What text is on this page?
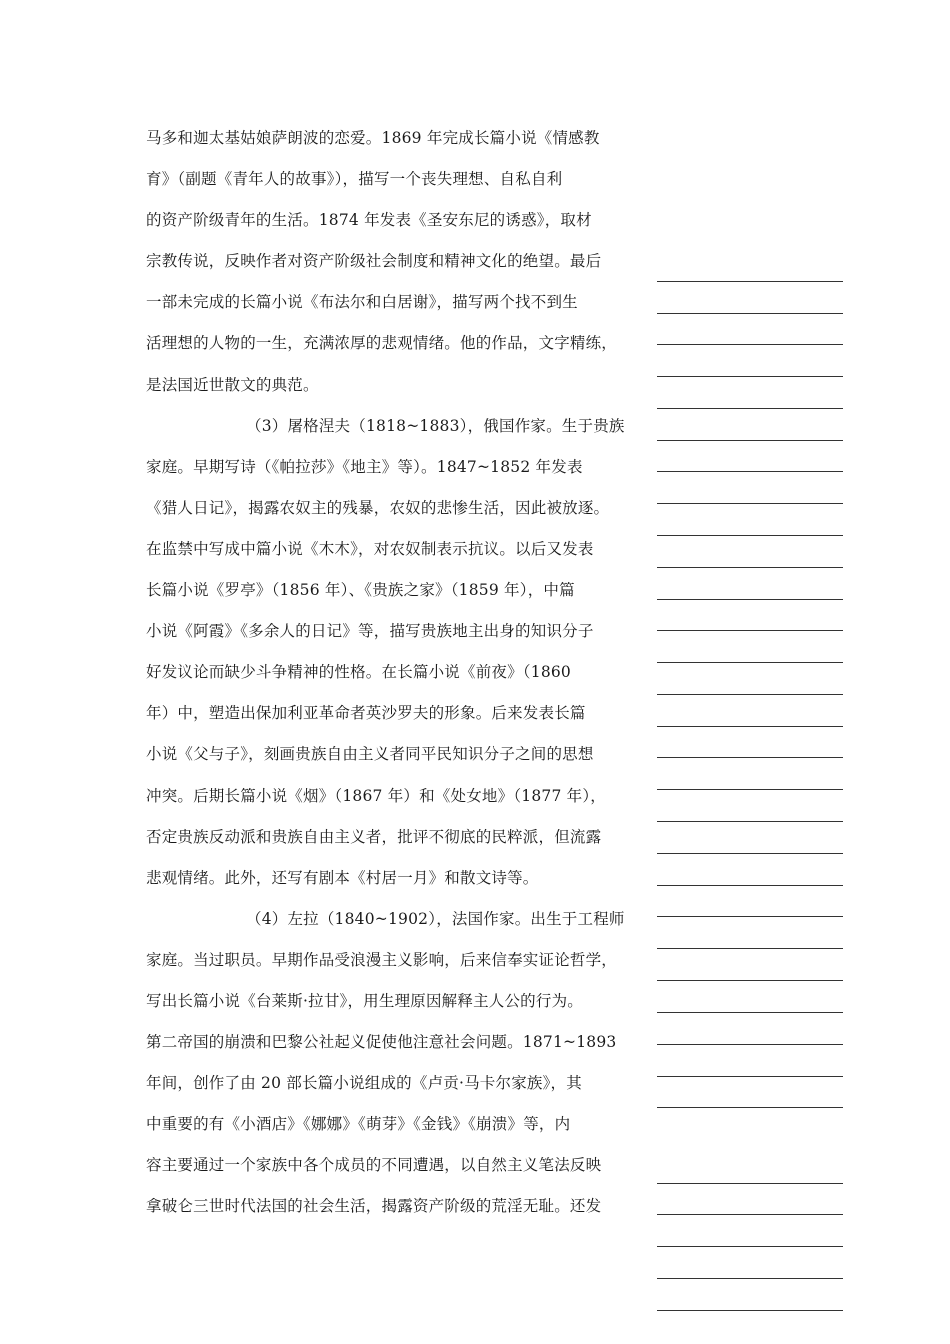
马多和迦太基姑娘萨朗波的恋爱。1869 年完成长篇小说《情感教
育》（副题《青年人的故事》），描写一个丧失理想、自私自利
的资产阶级青年的生活。1874 年发表《圣安东尼的诱惑》，取材
宗教传说，反映作者对资产阶级社会制度和精神文化的绝望。最后
一部未完成的长篇小说《布法尔和白居谢》，描写两个找不到生
活理想的人物的一生，充满浓厚的悲观情绪。他的作品，文字精练，
是法国近世散文的典范。
（3）屠格涅夫（1818~1883），俄国作家。生于贵族
家庭。早期写诗（《帕拉莎》《地主》等）。1847~1852 年发表
《猎人日记》，揭露农奴主的残暴，农奴的悲惨生活，因此被放逐。
在监禁中写成中篇小说《木木》，对农奴制表示抗议。以后又发表
长篇小说《罗亭》（1856 年）、《贵族之家》（1859 年），中篇
小说《阿霞》《多余人的日记》等，描写贵族地主出身的知识分子
好发议论而缺少斗争精神的性格。在长篇小说《前夜》（1860
年）中，塑造出保加利亚革命者英沙罗夫的形象。后来发表长篇
小说《父与子》，刻画贵族自由主义者同平民知识分子之间的思想
冲突。后期长篇小说《烟》（1867 年）和《处女地》（1877 年），
否定贵族反动派和贵族自由主义者，批评不彻底的民粹派，但流露
悲观情绪。此外，还写有剧本《村居一月》和散文诗等。
（4）左拉（1840~1902），法国作家。出生于工程师
家庭。当过职员。早期作品受浪漫主义影响，后来信奉实证论哲学，
写出长篇小说《台莱斯·拉甘》，用生理原因解释主人公的行为。
第二帝国的崩溃和巴黎公社起义促使他注意社会问题。1871~1893
年间，创作了由 20 部长篇小说组成的《卢贡·马卡尔家族》，其
中重要的有《小酒店》《娜娜》《萌芽》《金钱》《崩溃》等，内
容主要通过一个家族中各个成员的不同遭遇，以自然主义笔法反映
拿破仑三世时代法国的社会生活，揭露资产阶级的荒淫无耻。还发
